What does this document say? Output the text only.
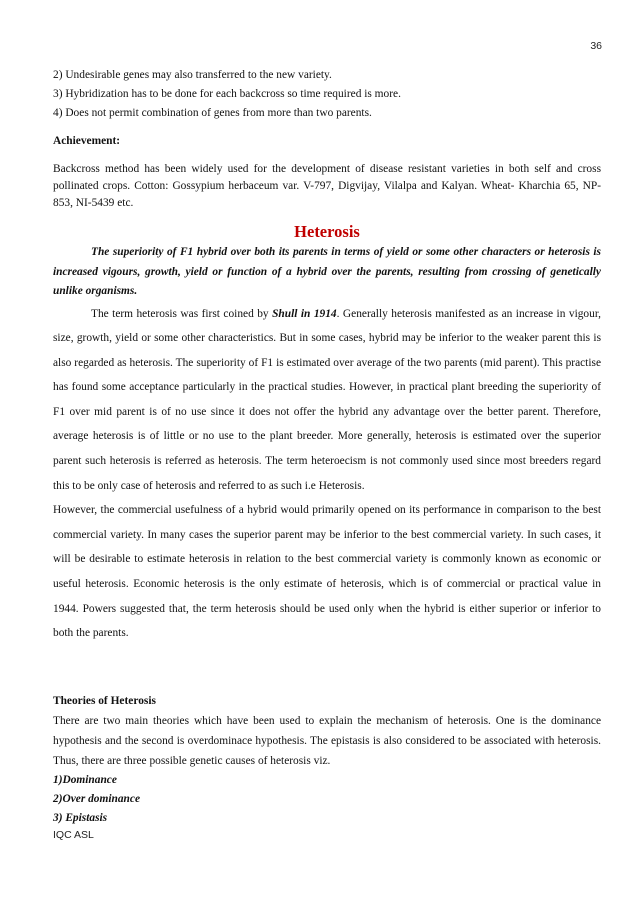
36
2) Undesirable genes may also transferred to the new variety.
3) Hybridization has to be done for each backcross so time required is more.
4) Does not permit combination of genes from more than two parents.
Achievement:
Backcross method has been widely used for the development of disease resistant varieties in both self and cross pollinated crops. Cotton: Gossypium herbaceum var. V-797, Digvijay, Vilalpa and Kalyan. Wheat- Kharchia 65, NP-853, NI-5439 etc.
Heterosis
The superiority of F1 hybrid over both its parents in terms of yield or some other characters or heterosis is increased vigours, growth, yield or function of a hybrid over the parents, resulting from crossing of genetically unlike organisms.

The term heterosis was first coined by Shull in 1914. Generally heterosis manifested as an increase in vigour, size, growth, yield or some other characteristics. But in some cases, hybrid may be inferior to the weaker parent this is also regarded as heterosis. The superiority of F1 is estimated over average of the two parents (mid parent). This practise has found some acceptance particularly in the practical studies. However, in practical plant breeding the superiority of F1 over mid parent is of no use since it does not offer the hybrid any advantage over the better parent. Therefore, average heterosis is of little or no use to the plant breeder. More generally, heterosis is estimated over the superior parent such heterosis is referred as heterosis. The term heteroecism is not commonly used since most breeders regard this to be only case of heterosis and referred to as such i.e Heterosis.

However, the commercial usefulness of a hybrid would primarily opened on its performance in comparison to the best commercial variety. In many cases the superior parent may be inferior to the best commercial variety. In such cases, it will be desirable to estimate heterosis in relation to the best commercial variety is commonly known as economic or useful heterosis. Economic heterosis is the only estimate of heterosis, which is of commercial or practical value in 1944. Powers suggested that, the term heterosis should be used only when the hybrid is either superior or inferior to both the parents.

Theories of Heterosis
There are two main theories which have been used to explain the mechanism of heterosis. One is the dominance hypothesis and the second is overdominace hypothesis. The epistasis is also considered to be associated with heterosis. Thus, there are three possible genetic causes of heterosis viz.
1)Dominance
2)Over dominance
3) Epistasis
IQC ASL
